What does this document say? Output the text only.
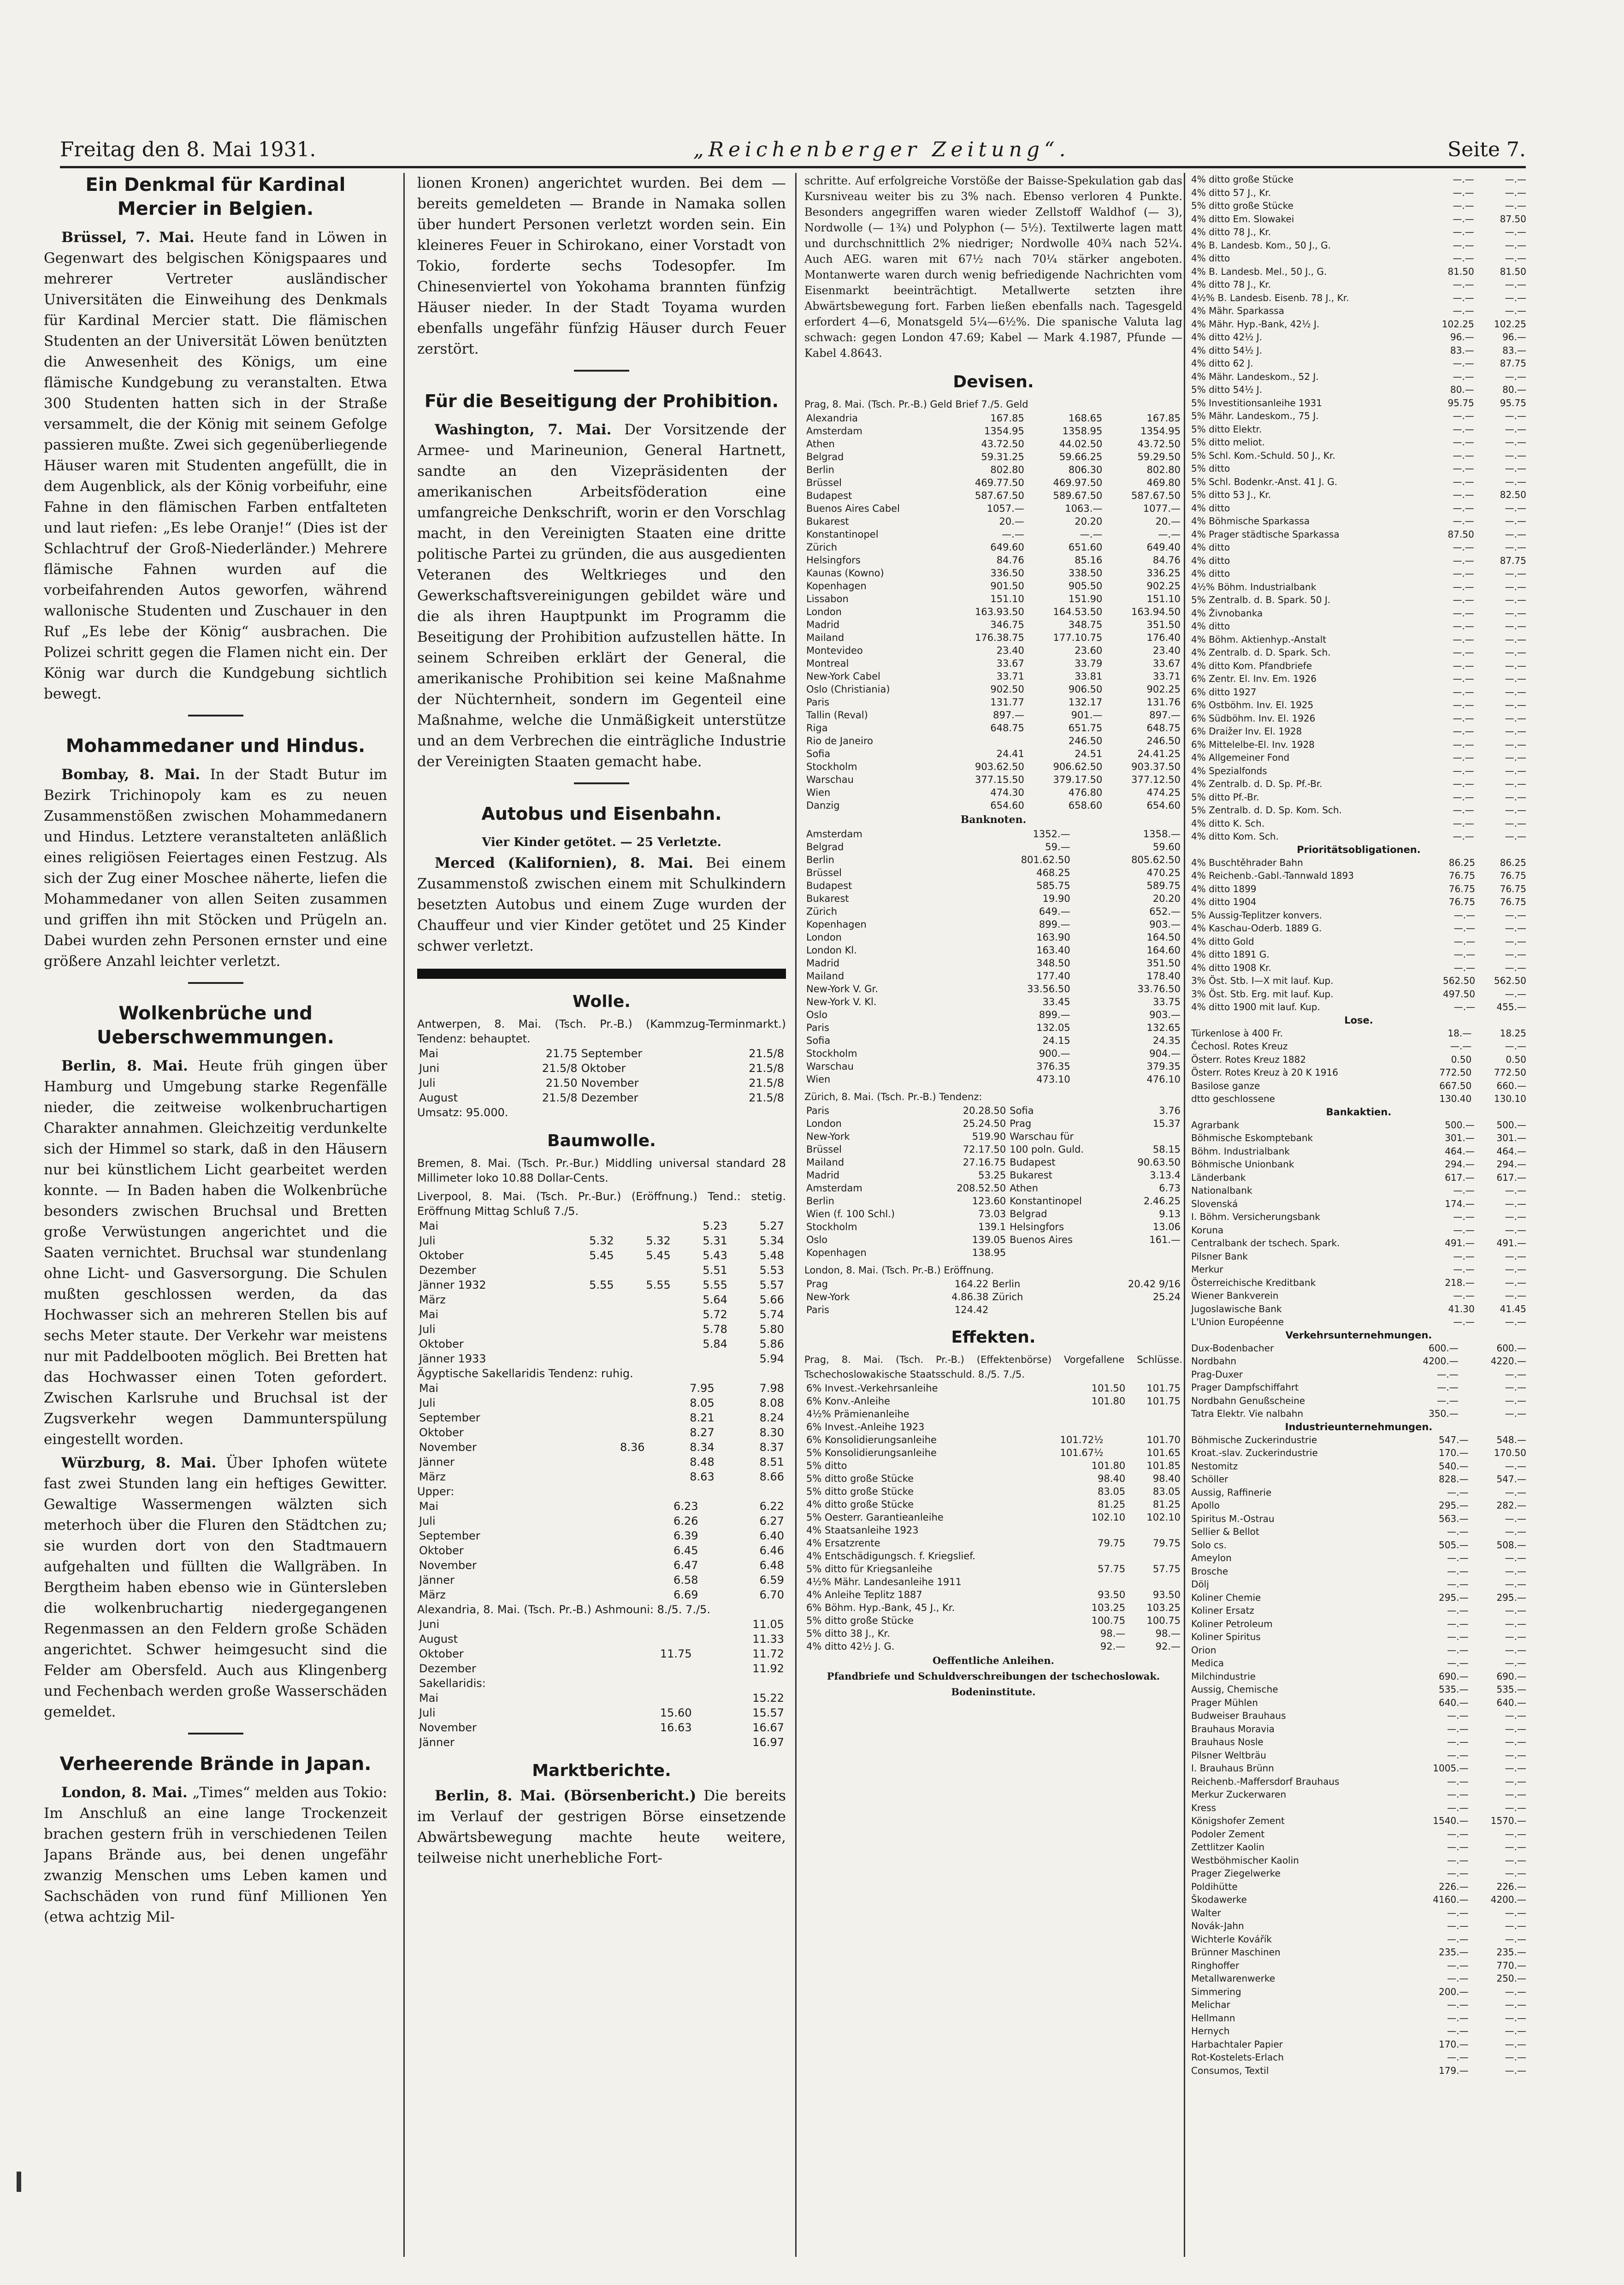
Freitag den 8. Mai 1931.	„Reichenberger Zeitung“.	Seite 7.
Ein Denkmal für Kardinal Mercier in Belgien.

Brüssel, 7. Mai. Heute fand in Löwen in Gegenwart des belgischen Königspaares und mehrerer Vertreter ausländischer Universitäten die Einweihung des Denkmals für Kardinal Mercier statt. Die flämischen Studenten an der Universität Löwen benützten die Anwesenheit des Königs, um eine flämische Kundgebung zu veranstalten. Etwa 300 Studenten hatten sich in der Straße versammelt, die der König mit seinem Gefolge passieren mußte. Zwei sich gegenüberliegende Häuser waren mit Studenten angefüllt, die in dem Augenblick, als der König vorbeifuhr, eine Fahne in den flämischen Farben entfalteten und laut riefen: „Es lebe Oranje!“ (Dies ist der Schlachtruf der Groß-Niederländer.) Mehrere flämische Fahnen wurden auf die vorbeifahrenden Autos geworfen, während wallonische Studenten und Zuschauer in den Ruf „Es lebe der König“ ausbrachen. Die Polizei schritt gegen die Flamen nicht ein. Der König war durch die Kundgebung sichtlich bewegt.

Mohammedaner und Hindus.

Bombay, 8. Mai. In der Stadt Butur im Bezirk Trichinopoly kam es zu neuen Zusammenstößen zwischen Mohammedanern und Hindus. Letztere veranstalteten anläßlich eines religiösen Feiertages einen Festzug. Als sich der Zug einer Moschee näherte, liefen die Mohammedaner von allen Seiten zusammen und griffen ihn mit Stöcken und Prügeln an. Dabei wurden zehn Personen ernster und eine größere Anzahl leichter verletzt.

Wolkenbrüche und Ueberschwemmungen.

Berlin, 8. Mai. Heute früh gingen über Hamburg und Umgebung starke Regenfälle nieder, die zeitweise wolkenbruchartigen Charakter annahmen. Gleichzeitig verdunkelte sich der Himmel so stark, daß in den Häusern nur bei künstlichem Licht gearbeitet werden konnte. — In Baden haben die Wolkenbrüche besonders zwischen Bruchsal und Bretten große Verwüstungen angerichtet und die Saaten vernichtet. Bruchsal war stundenlang ohne Licht- und Gasversorgung. Die Schulen mußten geschlossen werden, da das Hochwasser sich an mehreren Stellen bis auf sechs Meter staute. Der Verkehr war meistens nur mit Paddelbooten möglich. Bei Bretten hat das Hochwasser einen Toten gefordert. Zwischen Karlsruhe und Bruchsal ist der Zugsverkehr wegen Dammunterspülung eingestellt worden.

Würzburg, 8. Mai. Über Iphofen wütete fast zwei Stunden lang ein heftiges Gewitter. Gewaltige Wassermengen wälzten sich meterhoch über die Fluren den Städtchen zu; sie wurden dort von den Stadtmauern aufgehalten und füllten die Wallgräben. In Bergtheim haben ebenso wie in Güntersleben die wolkenbruchartig niedergegangenen Regenmassen an den Feldern große Schäden angerichtet. Schwer heimgesucht sind die Felder am Obersfeld. Auch aus Klingenberg und Fechenbach werden große Wasserschäden gemeldet.

Verheerende Brände in Japan.

London, 8. Mai. „Times“ melden aus Tokio: Im Anschluß an eine lange Trockenzeit brachen gestern früh in verschiedenen Teilen Japans Brände aus, bei denen ungefähr zwanzig Menschen ums Leben kamen und Sachschäden von rund fünf Millionen Yen (etwa achtzig Mil-

lionen Kronen) angerichtet wurden. Bei dem — bereits gemeldeten — Brande in Namaka sollen über hundert Personen verletzt worden sein. Ein kleineres Feuer in Schirokano, einer Vorstadt von Tokio, forderte sechs Todesopfer. Im Chinesenviertel von Yokohama brannten fünfzig Häuser nieder. In der Stadt Toyama wurden ebenfalls ungefähr fünfzig Häuser durch Feuer zerstört.

Für die Beseitigung der Prohibition.

Washington, 7. Mai. Der Vorsitzende der Armee- und Marineunion, General Hartnett, sandte an den Vizepräsidenten der amerikanischen Arbeitsföderation eine umfangreiche Denkschrift, worin er den Vorschlag macht, in den Vereinigten Staaten eine dritte politische Partei zu gründen, die aus ausgedienten Veteranen des Weltkrieges und den Gewerkschaftsvereinigungen gebildet wäre und die als ihren Hauptpunkt im Programm die Beseitigung der Prohibition aufzustellen hätte. In seinem Schreiben erklärt der General, die amerikanische Prohibition sei keine Maßnahme der Nüchternheit, sondern im Gegenteil eine Maßnahme, welche die Unmäßigkeit unterstütze und an dem Verbrechen die einträgliche Industrie der Vereinigten Staaten gemacht habe.

Autobus und Eisenbahn.
Vier Kinder getötet. — 25 Verletzte.

Merced (Kalifornien), 8. Mai. Bei einem Zusammenstoß zwischen einem mit Schulkindern besetzten Autobus und einem Zuge wurden der Chauffeur und vier Kinder getötet und 25 Kinder schwer verletzt.

Wolle.
Antwerpen, 8. Mai. (Tsch. Pr.-B.) (Kammzug-Terminmarkt.) Tendenz: behauptet.
Mai	21.75	September	21.5/8
Juni	21.5/8	Oktober	21.5/8
Juli	21.50	November	21.5/8
August	21.5/8	Dezember	21.5/8
Umsatz: 95.000.
Baumwolle.
Bremen, 8. Mai. (Tsch. Pr.-Bur.) Middling universal standard 28 Millimeter loko 10.88 Dollar-Cents.
Liverpool, 8. Mai. (Tsch. Pr.-Bur.) (Eröffnung.) Tend.: stetig. Eröffnung Mittag Schluß 7./5.
Mai			5.23	5.27
Juli	5.32	5.32	5.31	5.34
Oktober	5.45	5.45	5.43	5.48
Dezember			5.51	5.53
Jänner 1932	5.55	5.55	5.55	5.57
März			5.64	5.66
Mai			5.72	5.74
Juli			5.78	5.80
Oktober			5.84	5.86
Jänner 1933				5.94
Ägyptische Sakellaridis Tendenz: ruhig.
Mai		7.95	7.98
Juli		8.05	8.08
September		8.21	8.24
Oktober		8.27	8.30
November	8.36	8.34	8.37
Jänner		8.48	8.51
März		8.63	8.66
Upper:
Mai	6.23	6.22
Juli	6.26	6.27
September	6.39	6.40
Oktober	6.45	6.46
November	6.47	6.48
Jänner	6.58	6.59
März	6.69	6.70
Alexandria, 8. Mai. (Tsch. Pr.-B.) Ashmouni: 8./5. 7./5.
Juni		11.05
August		11.33
Oktober	11.75	11.72
Dezember		11.92
Sakellaridis:		
Mai		15.22
Juli	15.60	15.57
November	16.63	16.67
Jänner		16.97
Marktberichte.

Berlin, 8. Mai. (Börsenbericht.) Die bereits im Verlauf der gestrigen Börse einsetzende Abwärtsbewegung machte heute weitere, teilweise nicht unerhebliche Fort-

schritte. Auf erfolgreiche Vorstöße der Baisse-Spekulation gab das Kursniveau weiter bis zu 3% nach. Ebenso verloren 4 Punkte. Besonders angegriffen waren wieder Zellstoff Waldhof (— 3), Nordwolle (— 1¾) und Polyphon (— 5½). Textilwerte lagen matt und durchschnittlich 2% niedriger; Nordwolle 40¾ nach 52¼. Auch AEG. waren mit 67½ nach 70¼ stärker angeboten. Montanwerte waren durch wenig befriedigende Nachrichten vom Eisenmarkt beeinträchtigt. Metallwerte setzten ihre Abwärtsbewegung fort. Farben ließen ebenfalls nach. Tagesgeld erfordert 4—6, Monatsgeld 5¼—6½%. Die spanische Valuta lag schwach: gegen London 47.69; Kabel — Mark 4.1987, Pfunde — Kabel 4.8643.

Devisen.
Prag, 8. Mai. (Tsch. Pr.-B.) Geld Brief 7./5. Geld
Alexandria	167.85	168.65	167.85
Amsterdam	1354.95	1358.95	1354.95
Athen	43.72.50	44.02.50	43.72.50
Belgrad	59.31.25	59.66.25	59.29.50
Berlin	802.80	806.30	802.80
Brüssel	469.77.50	469.97.50	469.80
Budapest	587.67.50	589.67.50	587.67.50
Buenos Aires Cabel	1057.—	1063.—	1077.—
Bukarest	20.—	20.20	20.—
Konstantinopel	—.—	—.—	—.—
Zürich	649.60	651.60	649.40
Helsingfors	84.76	85.16	84.76
Kaunas (Kowno)	336.50	338.50	336.25
Kopenhagen	901.50	905.50	902.25
Lissabon	151.10	151.90	151.10
London	163.93.50	164.53.50	163.94.50
Madrid	346.75	348.75	351.50
Mailand	176.38.75	177.10.75	176.40
Montevideo	23.40	23.60	23.40
Montreal	33.67	33.79	33.67
New-York Cabel	33.71	33.81	33.71
Oslo (Christiania)	902.50	906.50	902.25
Paris	131.77	132.17	131.76
Tallin (Reval)	897.—	901.—	897.—
Riga	648.75	651.75	648.75
Rio de Janeiro		246.50	246.50
Sofia	24.41	24.51	24.41.25
Stockholm	903.62.50	906.62.50	903.37.50
Warschau	377.15.50	379.17.50	377.12.50
Wien	474.30	476.80	474.25
Danzig	654.60	658.60	654.60
Banknoten.
Amsterdam	1352.—	1358.—
Belgrad	59.—	59.60
Berlin	801.62.50	805.62.50
Brüssel	468.25	470.25
Budapest	585.75	589.75
Bukarest	19.90	20.20
Zürich	649.—	652.—
Kopenhagen	899.—	903.—
London	163.90	164.50
London Kl.	163.40	164.60
Madrid	348.50	351.50
Mailand	177.40	178.40
New-York V. Gr.	33.56.50	33.76.50
New-York V. Kl.	33.45	33.75
Oslo	899.—	903.—
Paris	132.05	132.65
Sofia	24.15	24.35
Stockholm	900.—	904.—
Warschau	376.35	379.35
Wien	473.10	476.10
Zürich, 8. Mai. (Tsch. Pr.-B.) Tendenz:
Paris	20.28.50	Sofia	3.76
London	25.24.50	Prag	15.37
New-York	519.90	Warschau für	
Brüssel	72.17.50	100 poln. Guld.	58.15
Mailand	27.16.75	Budapest	90.63.50
Madrid	53.25	Bukarest	3.13.4
Amsterdam	208.52.50	Athen	6.73
Berlin	123.60	Konstantinopel	2.46.25
Wien (f. 100 Schl.)	73.03	Belgrad	9.13
Stockholm	139.1	Helsingfors	13.06
Oslo	139.05	Buenos Aires	161.—
Kopenhagen	138.95		
London, 8. Mai. (Tsch. Pr.-B.) Eröffnung.
Prag	164.22	Berlin	20.42 9/16
New-York	4.86.38	Zürich	25.24
Paris	124.42		
Effekten.
Prag, 8. Mai. (Tsch. Pr.-B.) (Effektenbörse) Vorgefallene Schlüsse. Tschechoslowakische Staatsschuld. 8./5. 7./5.
6% Invest.-Verkehrsanleihe	101.50	101.75
6% Konv.-Anleihe	101.80	101.75
4½% Prämienanleihe		
6% Invest.-Anleihe 1923		
6% Konsolidierungsanleihe	101.72½	101.70
5% Konsolidierungsanleihe	101.67½	101.65
5% ditto	101.80	101.85
5% ditto große Stücke	98.40	98.40
5% ditto große Stücke	83.05	83.05
4% ditto große Stücke	81.25	81.25
5% Oesterr. Garantieanleihe	102.10	102.10
4% Staatsanleihe 1923		
4% Ersatzrente	79.75	79.75
4% Entschädigungsch. f. Kriegslief.		
5% ditto für Kriegsanleihe	57.75	57.75
4½% Mähr. Landesanleihe 1911		
4% Anleihe Teplitz 1887	93.50	93.50
6% Böhm. Hyp.-Bank, 45 J., Kr.	103.25	103.25
5% ditto große Stücke	100.75	100.75
5% ditto 38 J., Kr.	98.—	98.—
4% ditto 42½ J. G.	92.—	92.—
Oeffentliche Anleihen.
Pfandbriefe und Schuldverschreibungen der tschechoslowak. Bodeninstitute.
4% ditto große Stücke	—.—	—.—
4% ditto 57 J., Kr.	—.—	—.—
5% ditto große Stücke	—.—	—.—
4% ditto Em. Slowakei	—.—	87.50
4% ditto 78 J., Kr.	—.—	—.—
4% B. Landesb. Kom., 50 J., G.	—.—	—.—
4% ditto	—.—	—.—
4% B. Landesb. Mel., 50 J., G.	81.50	81.50
4% ditto 78 J., Kr.	—.—	—.—
4½% B. Landesb. Eisenb. 78 J., Kr.	—.—	—.—
4% Mähr. Sparkassa	—.—	—.—
4% Mähr. Hyp.-Bank, 42½ J.	102.25	102.25
4% ditto 42½ J.	96.—	96.—
4% ditto 54½ J.	83.—	83.—
4% ditto 62 J.	—.—	87.75
4% Mähr. Landeskom., 52 J.	—.—	—.—
5% ditto 54½ J.	80.—	80.—
5% Investitionsanleihe 1931	95.75	95.75
5% Mähr. Landeskom., 75 J.	—.—	—.—
5% ditto Elektr.	—.—	—.—
5% ditto meliot.	—.—	—.—
5% Schl. Kom.-Schuld. 50 J., Kr.	—.—	—.—
5% ditto	—.—	—.—
5% Schl. Bodenkr.-Anst. 41 J. G.	—.—	—.—
5% ditto 53 J., Kr.	—.—	82.50
4% ditto	—.—	—.—
4% Böhmische Sparkassa	—.—	—.—
4% Prager städtische Sparkassa	87.50	—.—
4% ditto	—.—	—.—
4% ditto	—.—	87.75
4% ditto	—.—	—.—
4½% Böhm. Industrialbank	—.—	—.—
5% Zentralb. d. B. Spark. 50 J.	—.—	—.—
4% Živnobanka	—.—	—.—
4% ditto	—.—	—.—
4% Böhm. Aktienhyp.-Anstalt	—.—	—.—
4% Zentralb. d. D. Spark. Sch.	—.—	—.—
4% ditto Kom. Pfandbriefe	—.—	—.—
6% Zentr. El. Inv. Em. 1926	—.—	—.—
6% ditto 1927	—.—	—.—
6% Ostböhm. Inv. El. 1925	—.—	—.—
6% Südböhm. Inv. El. 1926	—.—	—.—
6% Draižer Inv. El. 1928	—.—	—.—
6% Mittelelbe-El. Inv. 1928	—.—	—.—
4% Allgemeiner Fond	—.—	—.—
4% Spezialfonds	—.—	—.—
4% Zentralb. d. D. Sp. Pf.-Br.	—.—	—.—
5% ditto Pf.-Br.	—.—	—.—
5% Zentralb. d. D. Sp. Kom. Sch.	—.—	—.—
4% ditto K. Sch.	—.—	—.—
4% ditto Kom. Sch.	—.—	—.—
Prioritätsobligationen.
4% Buschtěhrader Bahn	86.25	86.25
4% Reichenb.-Gabl.-Tannwald 1893	76.75	76.75
4% ditto 1899	76.75	76.75
4% ditto 1904	76.75	76.75
5% Aussig-Teplitzer konvers.	—.—	—.—
4% Kaschau-Oderb. 1889 G.	—.—	—.—
4% ditto Gold	—.—	—.—
4% ditto 1891 G.	—.—	—.—
4% ditto 1908 Kr.	—.—	—.—
3% Öst. Stb. I—X mit lauf. Kup.	562.50	562.50
3% Öst. Stb. Erg. mit lauf. Kup.	497.50	—.—
4% ditto 1900 mit lauf. Kup.	—.—	455.—
Lose.
Türkenlose à 400 Fr.	18.—	18.25
Čechosl. Rotes Kreuz	—.—	—.—
Österr. Rotes Kreuz 1882	0.50	0.50
Österr. Rotes Kreuz à 20 K 1916	772.50	772.50
Basilose ganze	667.50	660.—
dtto geschlossene	130.40	130.10
Bankaktien.
Agrarbank	500.—	500.—
Böhmische Eskomptebank	301.—	301.—
Böhm. Industrialbank	464.—	464.—
Böhmische Unionbank	294.—	294.—
Länderbank	617.—	617.—
Nationalbank	—.—	—.—
Slovenská	174.—	—.—
I. Böhm. Versicherungsbank	—.—	—.—
Koruna	—.—	—.—
Centralbank der tschech. Spark.	491.—	491.—
Pilsner Bank	—.—	—.—
Merkur	—.—	—.—
Österreichische Kreditbank	218.—	—.—
Wiener Bankverein	—.—	—.—
Jugoslawische Bank	41.30	41.45
L'Union Européenne	—.—	—.—
Verkehrsunternehmungen.
Dux-Bodenbacher	600.—	600.—
Nordbahn	4200.—	4220.—
Prag-Duxer	—.—	—.—
Prager Dampfschiffahrt	—.—	—.—
Nordbahn Genußscheine	—.—	—.—
Tatra Elektr. Vie nalbahn	350.—	—.—
Industrieunternehmungen.
Böhmische Zuckerindustrie	547.—	548.—
Kroat.-slav. Zuckerindustrie	170.—	170.50
Nestomitz	540.—	—.—
Schöller	828.—	547.—
Aussig, Raffinerie	—.—	—.—
Apollo	295.—	282.—
Spiritus M.-Ostrau	563.—	—.—
Sellier & Bellot	—.—	—.—
Solo cs.	505.—	508.—
Ameylon	—.—	—.—
Brosche	—.—	—.—
Dölj	—.—	—.—
Koliner Chemie	295.—	295.—
Koliner Ersatz	—.—	—.—
Koliner Petroleum	—.—	—.—
Koliner Spiritus	—.—	—.—
Orion	—.—	—.—
Medica	—.—	—.—
Milchindustrie	690.—	690.—
Aussig, Chemische	535.—	535.—
Prager Mühlen	640.—	640.—
Budweiser Brauhaus	—.—	—.—
Brauhaus Moravia	—.—	—.—
Brauhaus Nosle	—.—	—.—
Pilsner Weltbräu	—.—	—.—
I. Brauhaus Brünn	1005.—	—.—
Reichenb.-Maffersdorf Brauhaus	—.—	—.—
Merkur Zuckerwaren	—.—	—.—
Kress	—.—	—.—
Königshofer Zement	1540.—	1570.—
Podoler Zement	—.—	—.—
Zettlitzer Kaolin	—.—	—.—
Westböhmischer Kaolin	—.—	—.—
Prager Ziegelwerke	—.—	—.—
Poldihütte	226.—	226.—
Škodawerke	4160.—	4200.—
Walter	—.—	—.—
Novák-Jahn	—.—	—.—
Wichterle Kovářík	—.—	—.—
Brünner Maschinen	235.—	235.—
Ringhoffer	—.—	770.—
Metallwarenwerke	—.—	250.—
Simmering	200.—	—.—
Melichar	—.—	—.—
Hellmann	—.—	—.—
Hernych	—.—	—.—
Harbachtaler Papier	170.—	—.—
Rot-Kostelets-Erlach	—.—	—.—
Consumos, Textil	179.—	—.—
